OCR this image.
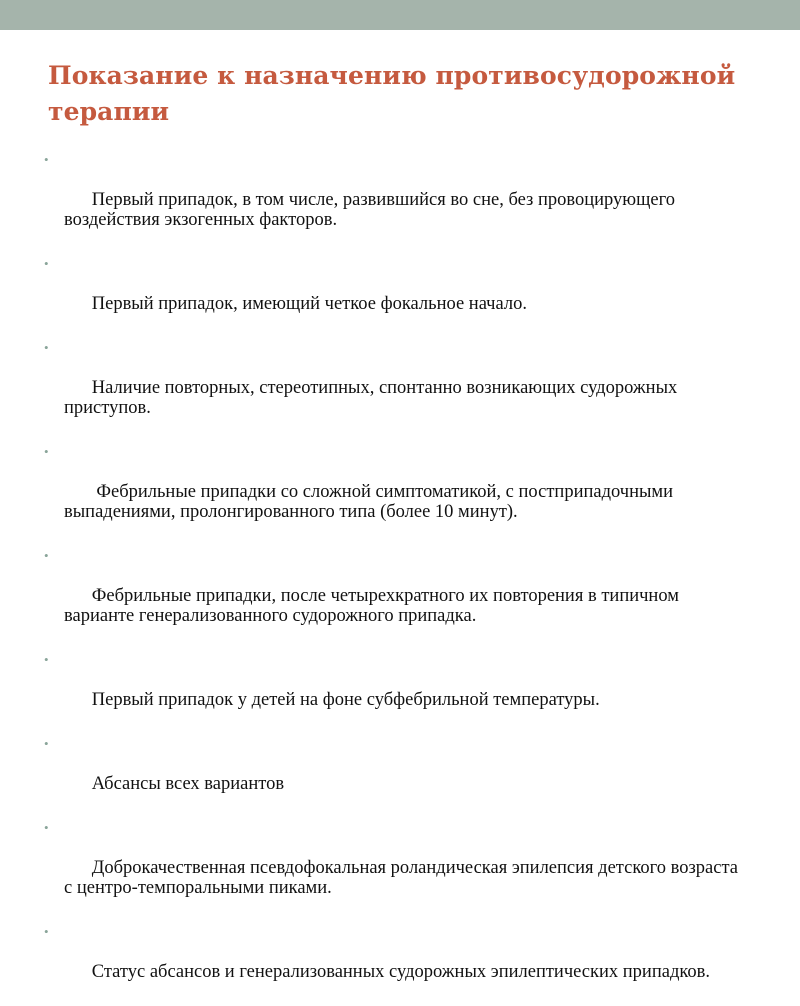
Показание к назначению противосудорожной терапии

•

Первый припадок, в том числе, развившийся во сне, без провоцирующего воздействия экзогенных факторов.

•

Первый припадок, имеющий четкое фокальное начало.

•

Наличие повторных, стереотипных, спонтанно возникающих судорожных приступов.

•

Фебрильные припадки со сложной симптоматикой, с постприпадочными выпадениями, пролонгированного типа (более 10 минут).

•

Фебрильные припадки, после четырехкратного их повторения в типичном варианте генерализованного судорожного припадка.

•

Первый припадок у детей на фоне субфебрильной температуры.

•

Абсансы всех вариантов

•

Доброкачественная псевдофокальная роландическая эпилепсия детского возраста с центро-темпоральными пиками.

•

Статус абсансов и генерализованных судорожных эпилептических припадков.
